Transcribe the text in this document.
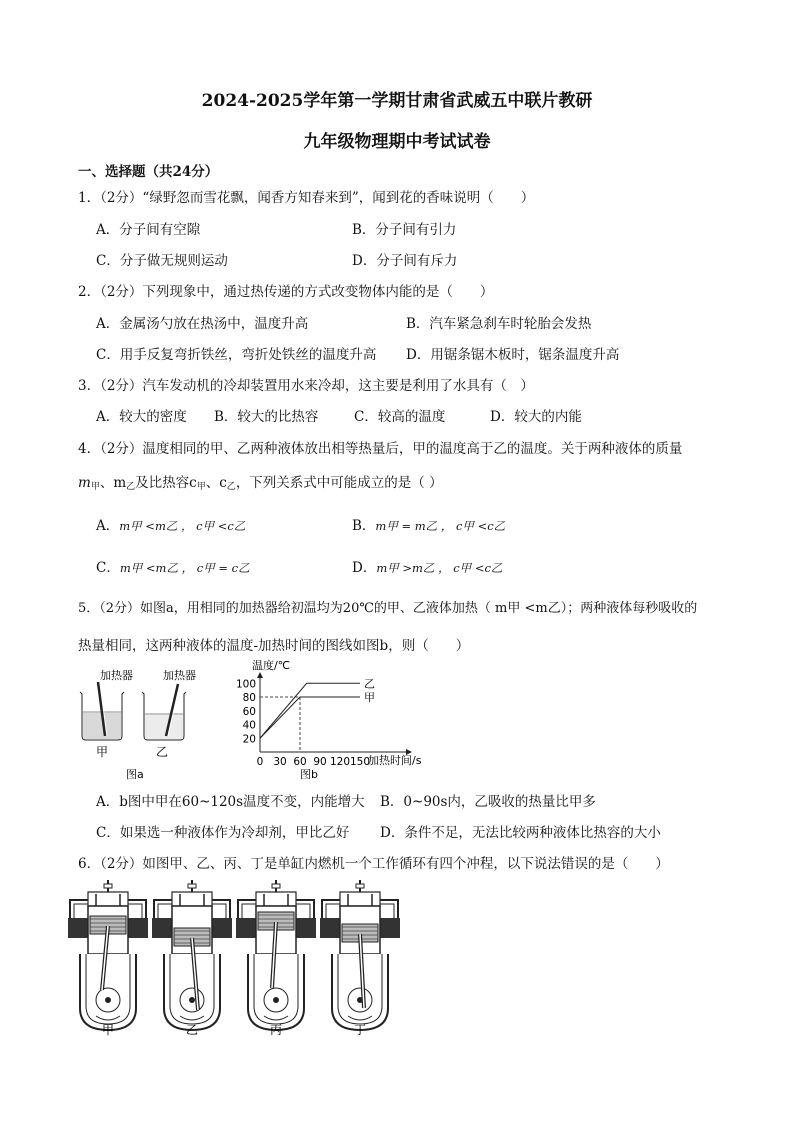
2024-2025学年第一学期甘肃省武威五中联片教研
九年级物理期中考试试卷
一、选择题（共24分）
1．（2分）“绿野忽而雪花飘，闻香方知春来到”，闻到花的香味说明（　　）
A．分子间有空隙	B．分子间有引力
C．分子做无规则运动	D．分子间有斥力
2．（2分）下列现象中，通过热传递的方式改变物体内能的是（　　）
A．金属汤勺放在热汤中，温度升高	B．汽车紧急刹车时轮胎会发热
C．用手反复弯折铁丝，弯折处铁丝的温度升高 D．用锯条锯木板时，锯条温度升高
3．（2分）汽车发动机的冷却装置用水来冷却，这主要是利用了水具有（　）
A．较大的密度 B．较大的比热容	C．较高的温度	D．较大的内能
4．（2分）温度相同的甲、乙两种液体放出相等热量后，甲的温度高于乙的温度。关于两种液体的质量
m甲、m乙及比热容c甲、c乙，下列关系式中可能成立的是（ ）
A．m甲 <m乙 ， c甲 <c乙	B．m甲 = m乙 ， c甲 <c乙
C．m甲 <m乙 ， c甲 = c乙	D．m甲 >m乙 ， c甲 <c乙
5．（2分）如图a，用相同的加热器给初温均为20℃的甲、乙液体加热（ m甲 <m乙）；两种液体每秒吸收的
热量相同，这两种液体的温度-加热时间的图线如图b，则（　　）
加热器	加热器
甲	乙
图a
20
40
60
80
100
0 30 60 90 120 150
乙
甲
温度/℃
加热时间/s
图b
A．b图中甲在60~120s温度不变，内能增大 B．0~90s内，乙吸收的热量比甲多
C．如果选一种液体作为冷却剂，甲比乙好 D．条件不足，无法比较两种液体比热容的大小
6．（2分）如图甲、乙、丙、丁是单缸内燃机一个工作循环有四个冲程，以下说法错误的是（　　）
甲	乙	丙	丁
